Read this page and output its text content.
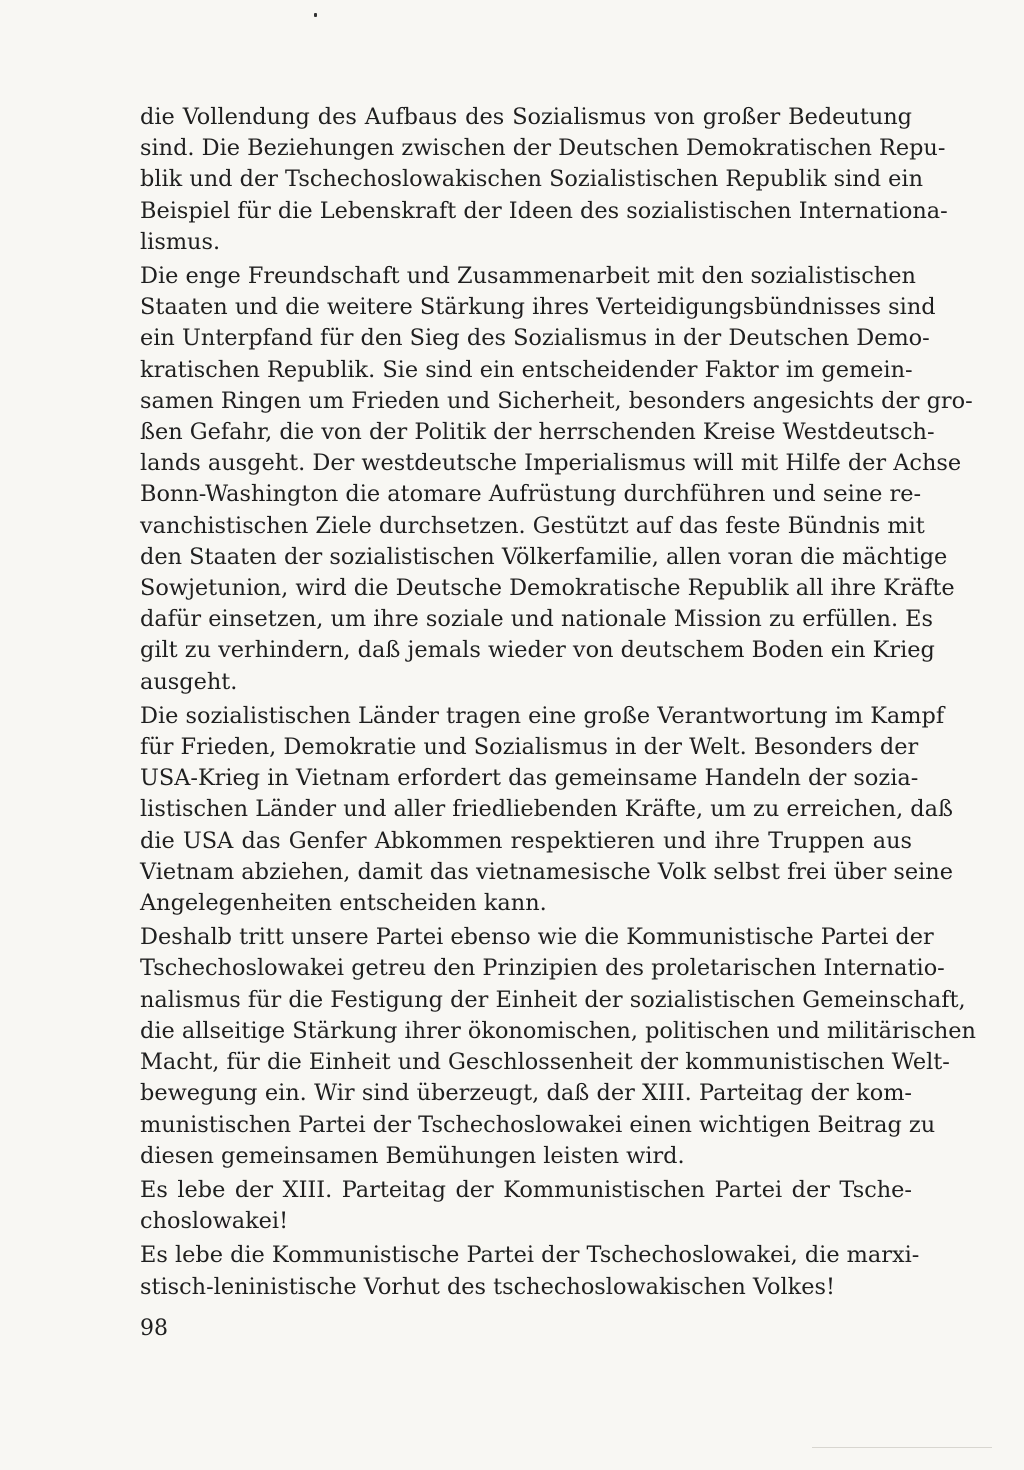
die Vollendung des Aufbaus des Sozialismus von großer Bedeutung
sind. Die Beziehungen zwischen der Deutschen Demokratischen Repu-
blik und der Tschechoslowakischen Sozialistischen Republik sind ein
Beispiel für die Lebenskraft der Ideen des sozialistischen Internationa-
lismus.
Die enge Freundschaft und Zusammenarbeit mit den sozialistischen
Staaten und die weitere Stärkung ihres Verteidigungsbündnisses sind
ein Unterpfand für den Sieg des Sozialismus in der Deutschen Demo-
kratischen Republik. Sie sind ein entscheidender Faktor im gemein-
samen Ringen um Frieden und Sicherheit, besonders angesichts der gro-
ßen Gefahr, die von der Politik der herrschenden Kreise Westdeutsch-
lands ausgeht. Der westdeutsche Imperialismus will mit Hilfe der Achse
Bonn-Washington die atomare Aufrüstung durchführen und seine re-
vanchistischen Ziele durchsetzen. Gestützt auf das feste Bündnis mit
den Staaten der sozialistischen Völkerfamilie, allen voran die mächtige
Sowjetunion, wird die Deutsche Demokratische Republik all ihre Kräfte
dafür einsetzen, um ihre soziale und nationale Mission zu erfüllen. Es
gilt zu verhindern, daß jemals wieder von deutschem Boden ein Krieg
ausgeht.
Die sozialistischen Länder tragen eine große Verantwortung im Kampf
für Frieden, Demokratie und Sozialismus in der Welt. Besonders der
USA-Krieg in Vietnam erfordert das gemeinsame Handeln der sozia-
listischen Länder und aller friedliebenden Kräfte, um zu erreichen, daß
die USA das Genfer Abkommen respektieren und ihre Truppen aus
Vietnam abziehen, damit das vietnamesische Volk selbst frei über seine
Angelegenheiten entscheiden kann.
Deshalb tritt unsere Partei ebenso wie die Kommunistische Partei der
Tschechoslowakei getreu den Prinzipien des proletarischen Internatio-
nalismus für die Festigung der Einheit der sozialistischen Gemeinschaft,
die allseitige Stärkung ihrer ökonomischen, politischen und militärischen
Macht, für die Einheit und Geschlossenheit der kommunistischen Welt-
bewegung ein. Wir sind überzeugt, daß der XIII. Parteitag der kom-
munistischen Partei der Tschechoslowakei einen wichtigen Beitrag zu
diesen gemeinsamen Bemühungen leisten wird.
Es lebe der XIII. Parteitag der Kommunistischen Partei der Tsche-
choslowakei!
Es lebe die Kommunistische Partei der Tschechoslowakei, die marxi-
stisch-leninistische Vorhut des tschechoslowakischen Volkes!
98
